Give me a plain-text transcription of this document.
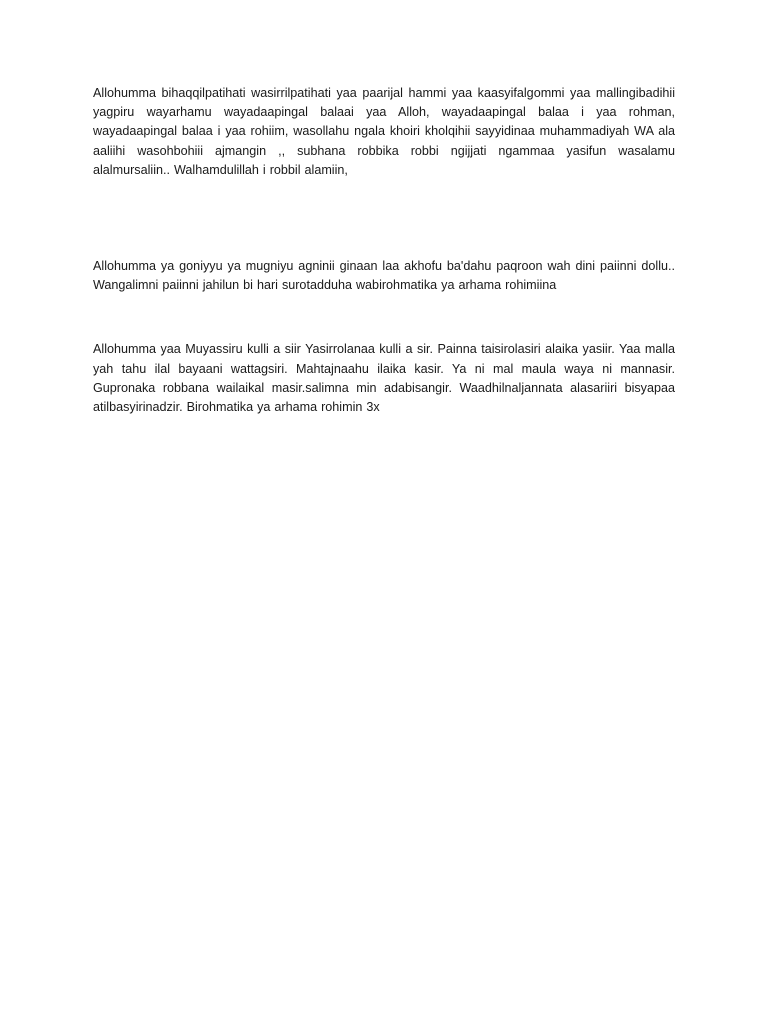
Allohumma bihaqqilpatihati wasirrilpatihati yaa paarijal hammi yaa kaasyifalgommi yaa mallingibadihii yagpiru wayarhamu wayadaapingal balaai yaa Alloh, wayadaapingal balaa i yaa rohman, wayadaapingal balaa i yaa rohiim, wasollahu ngala khoiri kholqihii sayyidinaa muhammadiyah WA ala aaliihi wasohbohiii ajmangin ,, subhana robbika robbi ngijjati ngammaa yasifun wasalamu alalmursaliin.. Walhamdulillah i robbil alamiin,

Allohumma ya goniyyu ya mugniyu agninii ginaan laa akhofu ba'dahu paqroon wah dini paiinni dollu.. Wangalimni paiinni jahilun bi hari surotadduha wabirohmatika ya arhama rohimiina

Allohumma yaa Muyassiru kulli a siir Yasirrolanaa kulli a sir. Painna taisirolasiri alaika yasiir. Yaa malla yah tahu ilal bayaani wattagsiri. Mahtajnaahu ilaika kasir. Ya ni mal maula waya ni mannasir. Gupronaka robbana wailaikal masir.salimna min adabisangir. Waadhilnaljannata alasariiri bisyapaa atilbasyirinadzir. Birohmatika ya arhama rohimin 3x
